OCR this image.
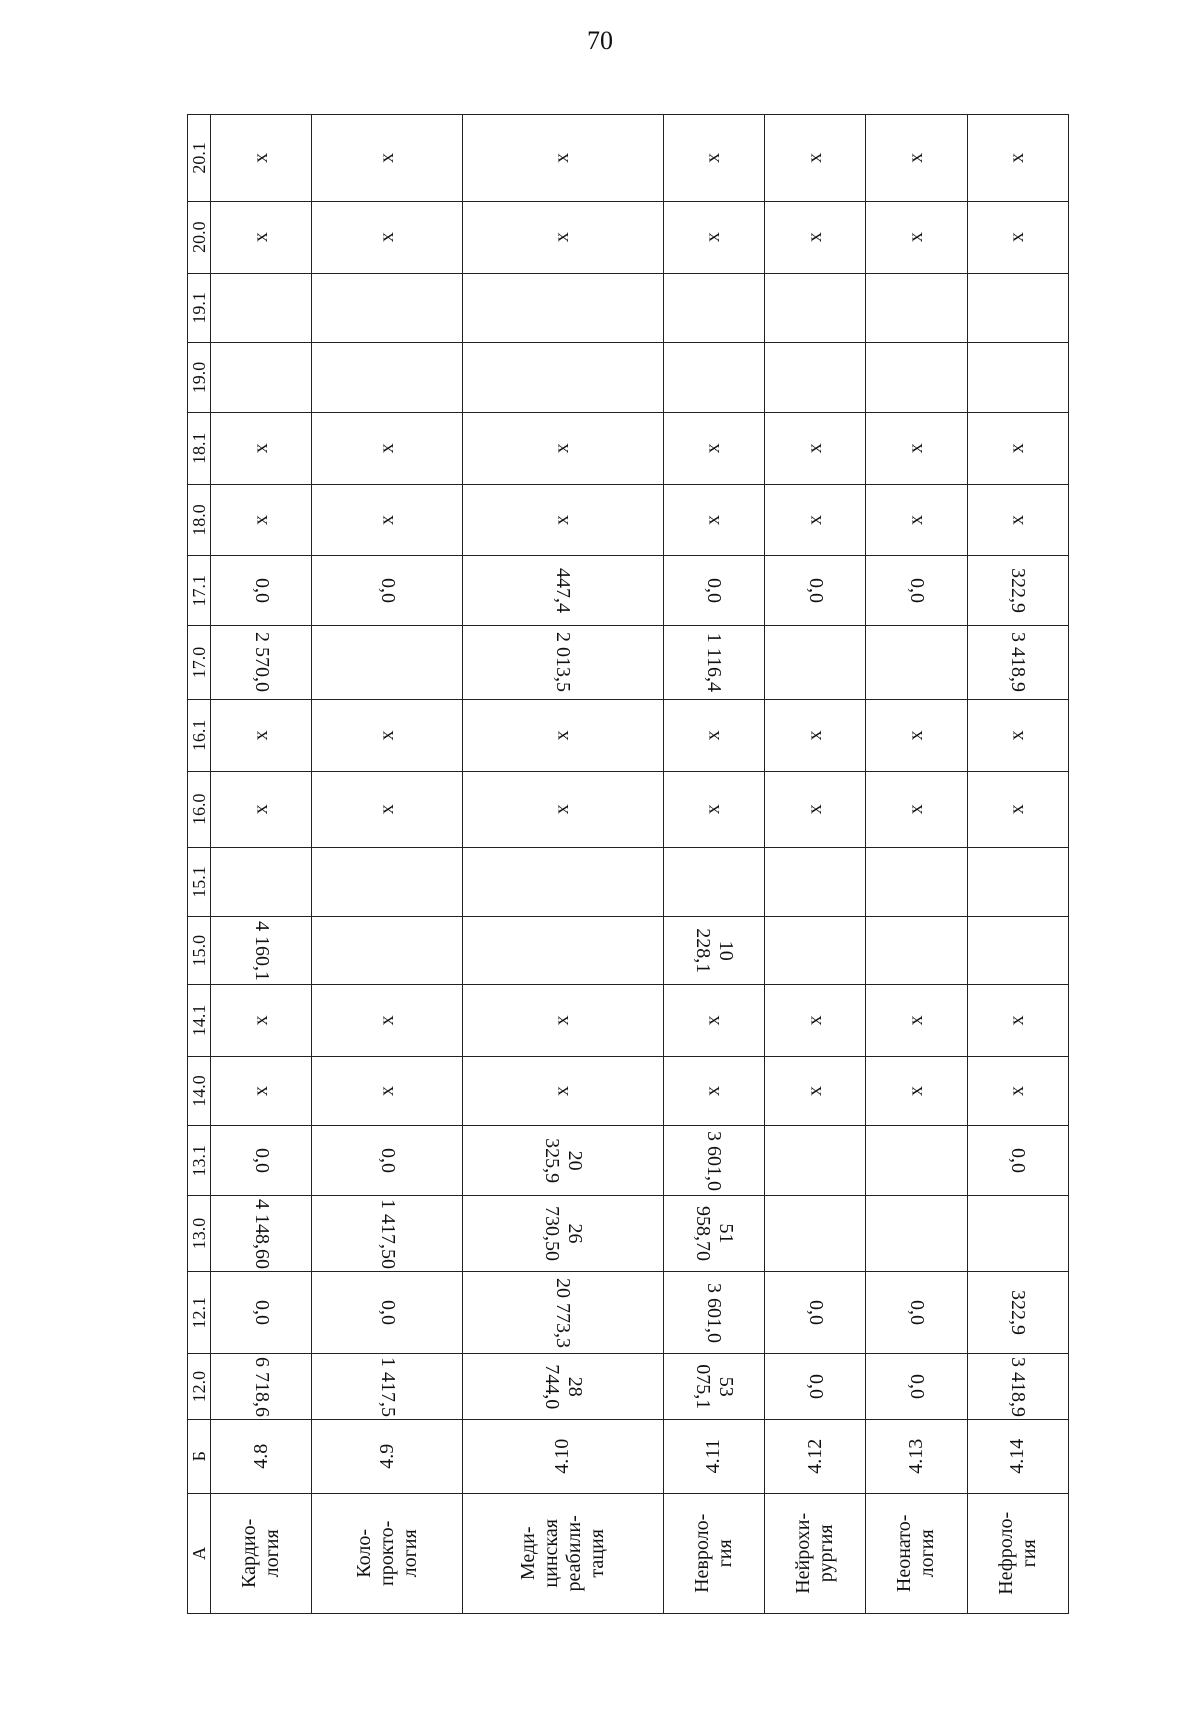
70
А	Б	12.0	12.1	13.0	13.1	14.0	14.1	15.0	15.1	16.0	16.1	17.0	17.1	18.0	18.1	19.0	19.1	20.0	20.1

Кардио- логия	4.8	6 718,6	0,0	4 148,60	0,0	x	x	4 160,1		x	x	2 570,0	0,0	x	x			x	x

Коло- прокто- логия	4.9	1 417,5	0,0	1 417,50	0,0	x	x			x	x		0,0	x	x			x	x

Меди- цинская реабили- тация	4.10	28 744,0	20 773,3	26 730,50	20 325,9	x	x			x	x	2 013,5	447,4	x	x			x	x

Невроло- гия	4.11	53 075,1	3 601,0	51 958,70	3 601,0	x	x	10 228,1		x	x	1 116,4	0,0	x	x			x	x

Нейрохи- рургия	4.12	0,0	0,0			x	x			x	x		0,0	x	x			x	x

Неонато- логия	4.13	0,0	0,0			x	x			x	x		0,0	x	x			x	x

Нефроло- гия	4.14	3 418,9	322,9		0,0	x	x			x	x	3 418,9	322,9	x	x			x	x
